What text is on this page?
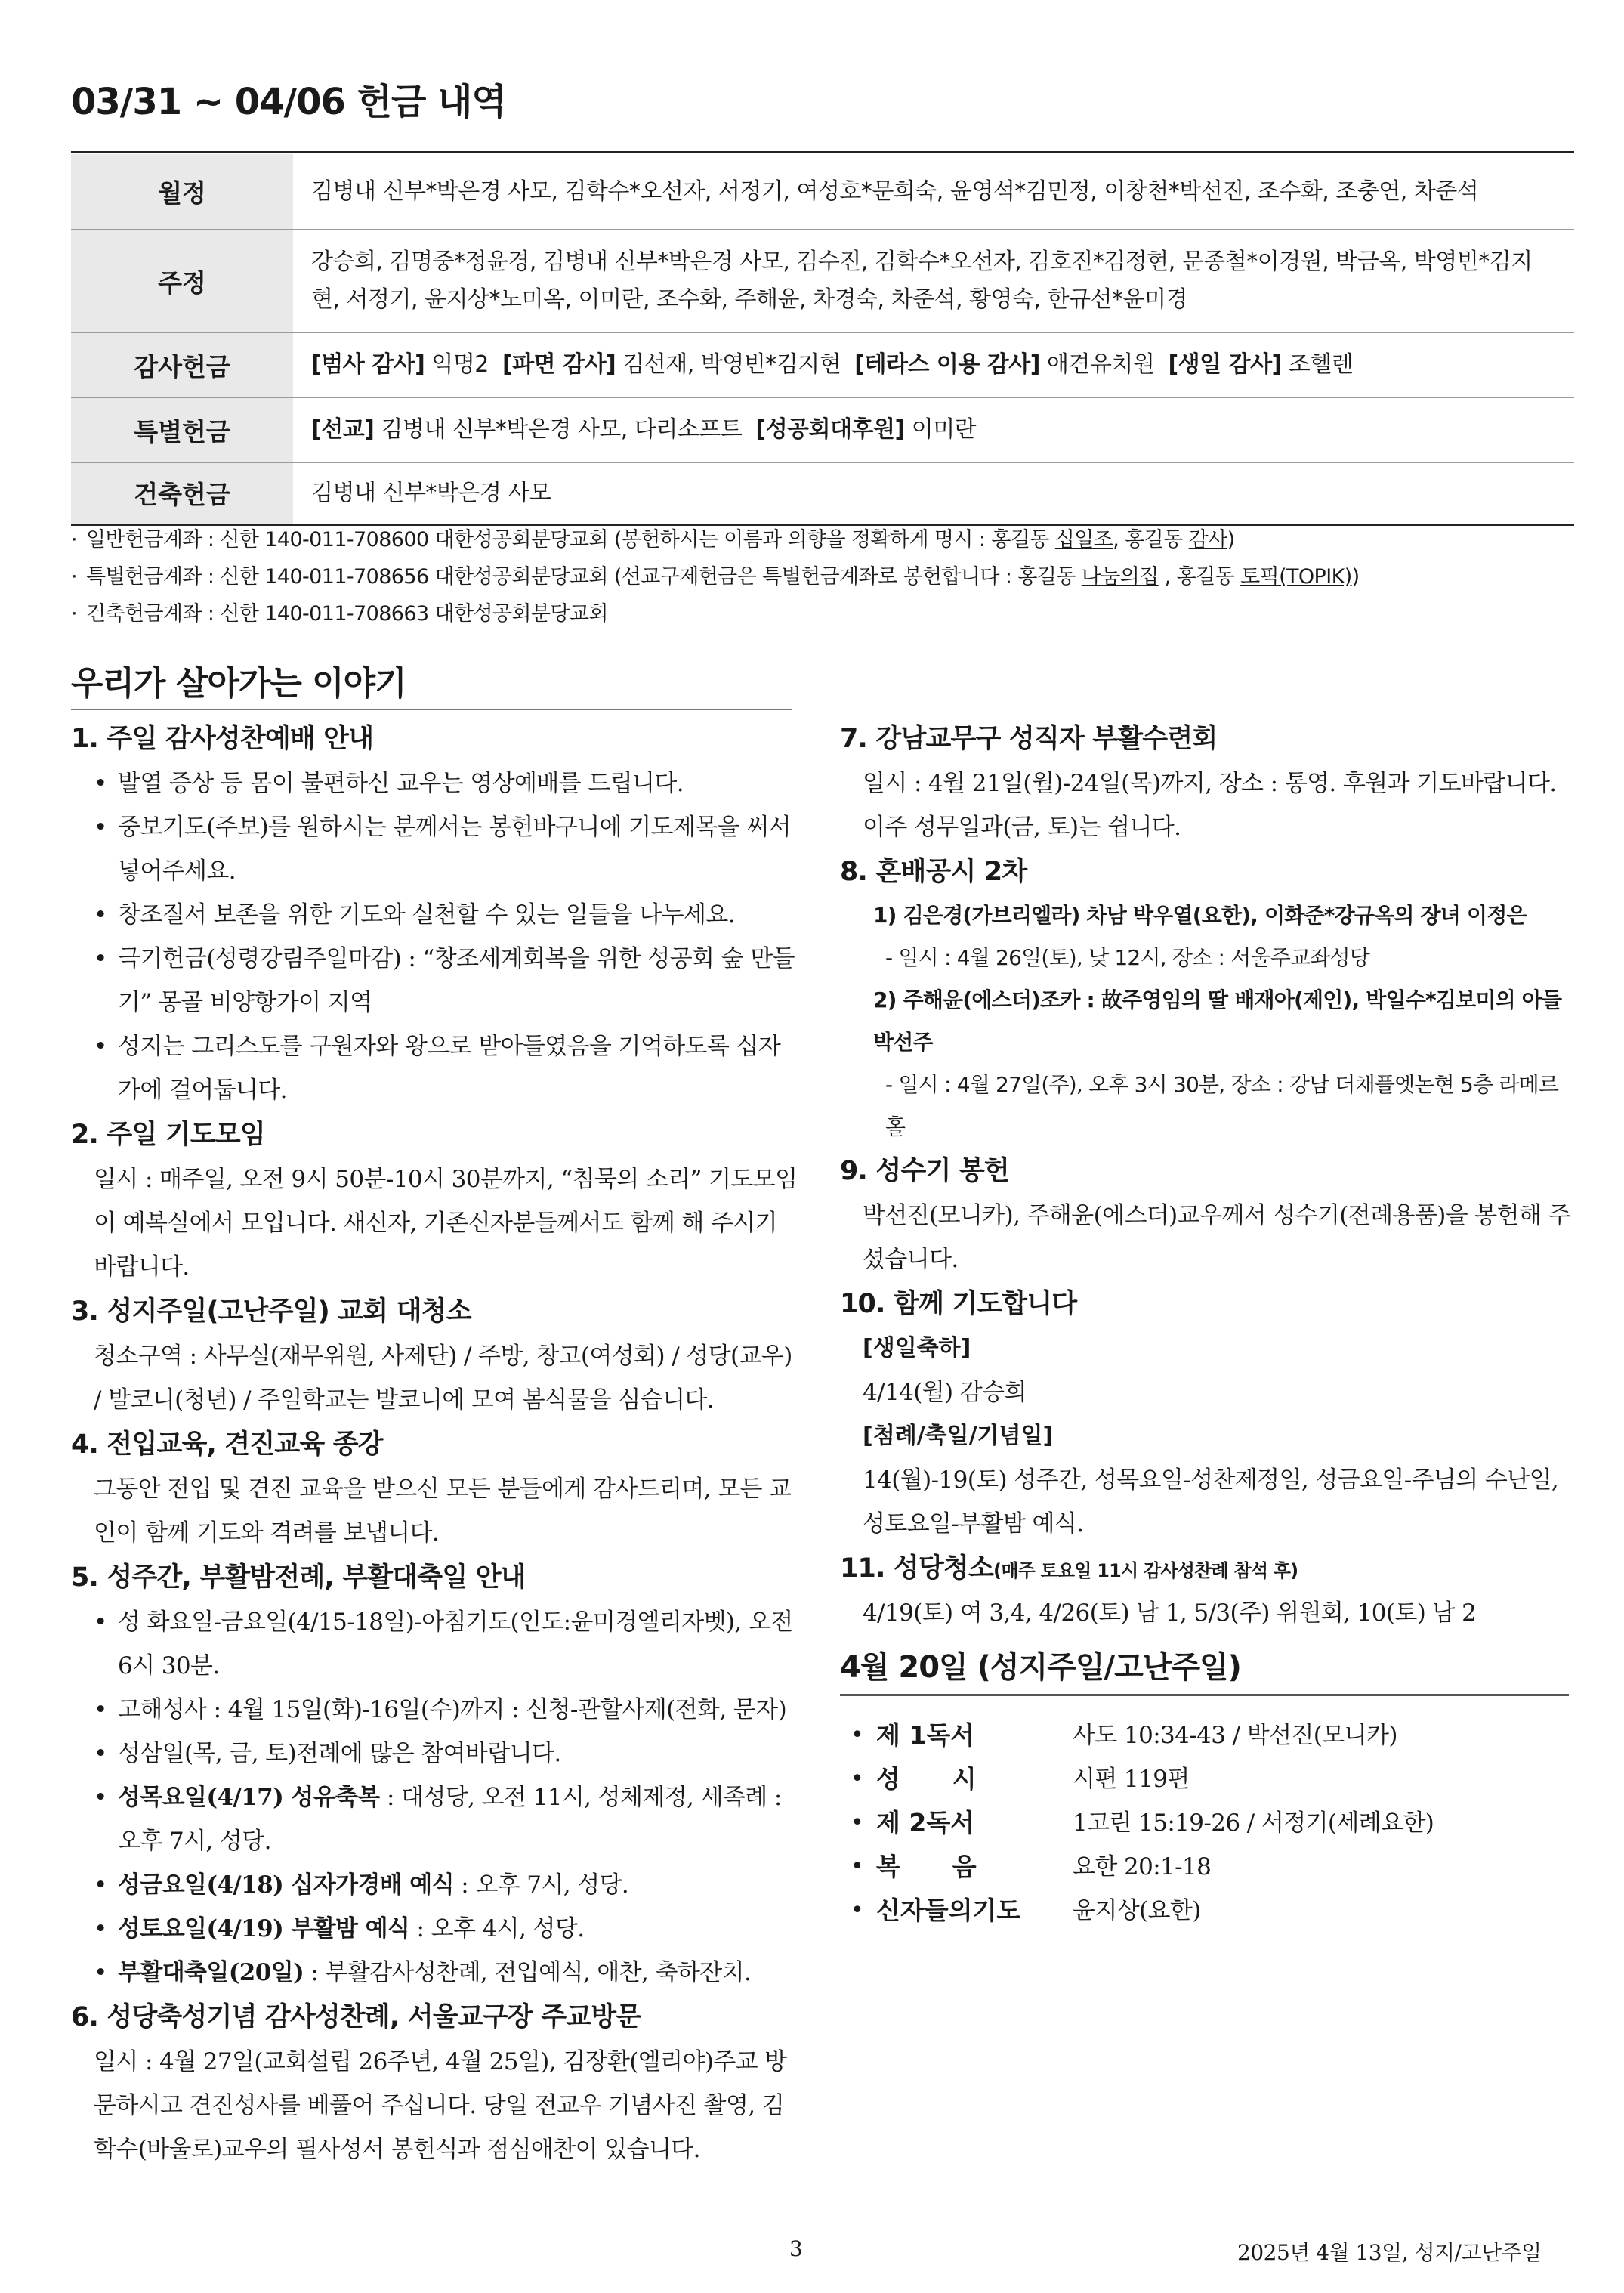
03/31 ~ 04/06 헌금 내역
월정	김병내 신부*박은경 사모, 김학수*오선자, 서정기, 여성호*문희숙, 윤영석*김민정, 이창천*박선진, 조수화, 조충연, 차준석
주정	강승희, 김명중*정윤경, 김병내 신부*박은경 사모, 김수진, 김학수*오선자, 김호진*김정현, 문종철*이경원, 박금옥, 박영빈*김지현, 서정기, 윤지상*노미옥, 이미란, 조수화, 주해윤, 차경숙, 차준석, 황영숙, 한규선*윤미경
감사헌금	[범사 감사] 익명2 [파면 감사] 김선재, 박영빈*김지현 [테라스 이용 감사] 애견유치원 [생일 감사] 조헬렌
특별헌금	[선교] 김병내 신부*박은경 사모, 다리소프트 [성공회대후원] 이미란
건축헌금	김병내 신부*박은경 사모
· 일반헌금계좌 : 신한 140-011-708600 대한성공회분당교회 (봉헌하시는 이름과 의향을 정확하게 명시 : 홍길동 십일조, 홍길동 감사)
· 특별헌금계좌 : 신한 140-011-708656 대한성공회분당교회 (선교구제헌금은 특별헌금계좌로 봉헌합니다 : 홍길동 나눔의집 , 홍길동 토픽(TOPIK))
· 건축헌금계좌 : 신한 140-011-708663 대한성공회분당교회
우리가 살아가는 이야기
1. 주일 감사성찬예배 안내
• 발열 증상 등 몸이 불편하신 교우는 영상예배를 드립니다.
• 중보기도(주보)를 원하시는 분께서는 봉헌바구니에 기도제목을 써서 넣어주세요.
• 창조질서 보존을 위한 기도와 실천할 수 있는 일들을 나누세요.
• 극기헌금(성령강림주일마감) : “창조세계회복을 위한 성공회 숲 만들기” 몽골 비양항가이 지역
• 성지는 그리스도를 구원자와 왕으로 받아들였음을 기억하도록 십자가에 걸어둡니다.
2. 주일 기도모임
일시 : 매주일, 오전 9시 50분-10시 30분까지, “침묵의 소리” 기도모임이 예복실에서 모입니다. 새신자, 기존신자분들께서도 함께 해 주시기 바랍니다.
3. 성지주일(고난주일) 교회 대청소
청소구역 : 사무실(재무위원, 사제단) / 주방, 창고(여성회) / 성당(교우) / 발코니(청년) / 주일학교는 발코니에 모여 봄식물을 심습니다.
4. 전입교육, 견진교육 종강
그동안 전입 및 견진 교육을 받으신 모든 분들에게 감사드리며, 모든 교인이 함께 기도와 격려를 보냅니다.
5. 성주간, 부활밤전례, 부활대축일 안내
• 성 화요일-금요일(4/15-18일)-아침기도(인도:윤미경엘리자벳), 오전 6시 30분.
• 고해성사 : 4월 15일(화)-16일(수)까지 : 신청-관할사제(전화, 문자)
• 성삼일(목, 금, 토)전례에 많은 참여바랍니다.
• 성목요일(4/17) 성유축복 : 대성당, 오전 11시, 성체제정, 세족례 : 오후 7시, 성당.
• 성금요일(4/18) 십자가경배 예식 : 오후 7시, 성당.
• 성토요일(4/19) 부활밤 예식 : 오후 4시, 성당.
• 부활대축일(20일) : 부활감사성찬례, 전입예식, 애찬, 축하잔치.
6. 성당축성기념 감사성찬례, 서울교구장 주교방문
일시 : 4월 27일(교회설립 26주년, 4월 25일), 김장환(엘리야)주교 방문하시고 견진성사를 베풀어 주십니다. 당일 전교우 기념사진 촬영, 김학수(바울로)교우의 필사성서 봉헌식과 점심애찬이 있습니다.
7. 강남교무구 성직자 부활수련회
일시 : 4월 21일(월)-24일(목)까지, 장소 : 통영. 후원과 기도바랍니다. 이주 성무일과(금, 토)는 쉽니다.
8. 혼배공시 2차
1) 김은경(가브리엘라) 차남 박우열(요한), 이화준*강규옥의 장녀 이정은
- 일시 : 4월 26일(토), 낮 12시, 장소 : 서울주교좌성당
2) 주해윤(에스더)조카 : 故주영임의 딸 배재아(제인), 박일수*김보미의 아들 박선주
- 일시 : 4월 27일(주), 오후 3시 30분, 장소 : 강남 더채플엣논현 5층 라메르홀
9. 성수기 봉헌
박선진(모니카), 주해윤(에스더)교우께서 성수기(전례용품)을 봉헌해 주셨습니다.
10. 함께 기도합니다
[생일축하]
4/14(월) 감승희
[첨례/축일/기념일]
14(월)-19(토) 성주간, 성목요일-성찬제정일, 성금요일-주님의 수난일, 성토요일-부활밤 예식.
11. 성당청소(매주 토요일 11시 감사성찬례 참석 후)
4/19(토) 여 3,4, 4/26(토) 남 1, 5/3(주) 위원회, 10(토) 남 2
4월 20일 (성지주일/고난주일)
• 제 1독서	사도 10:34-43 / 박선진(모니카)
• 성      시	시편 119편
• 제 2독서	1고린 15:19-26 / 서정기(세례요한)
• 복      음	요한 20:1-18
• 신자들의기도 윤지상(요한)
3	2025년 4월 13일, 성지/고난주일
